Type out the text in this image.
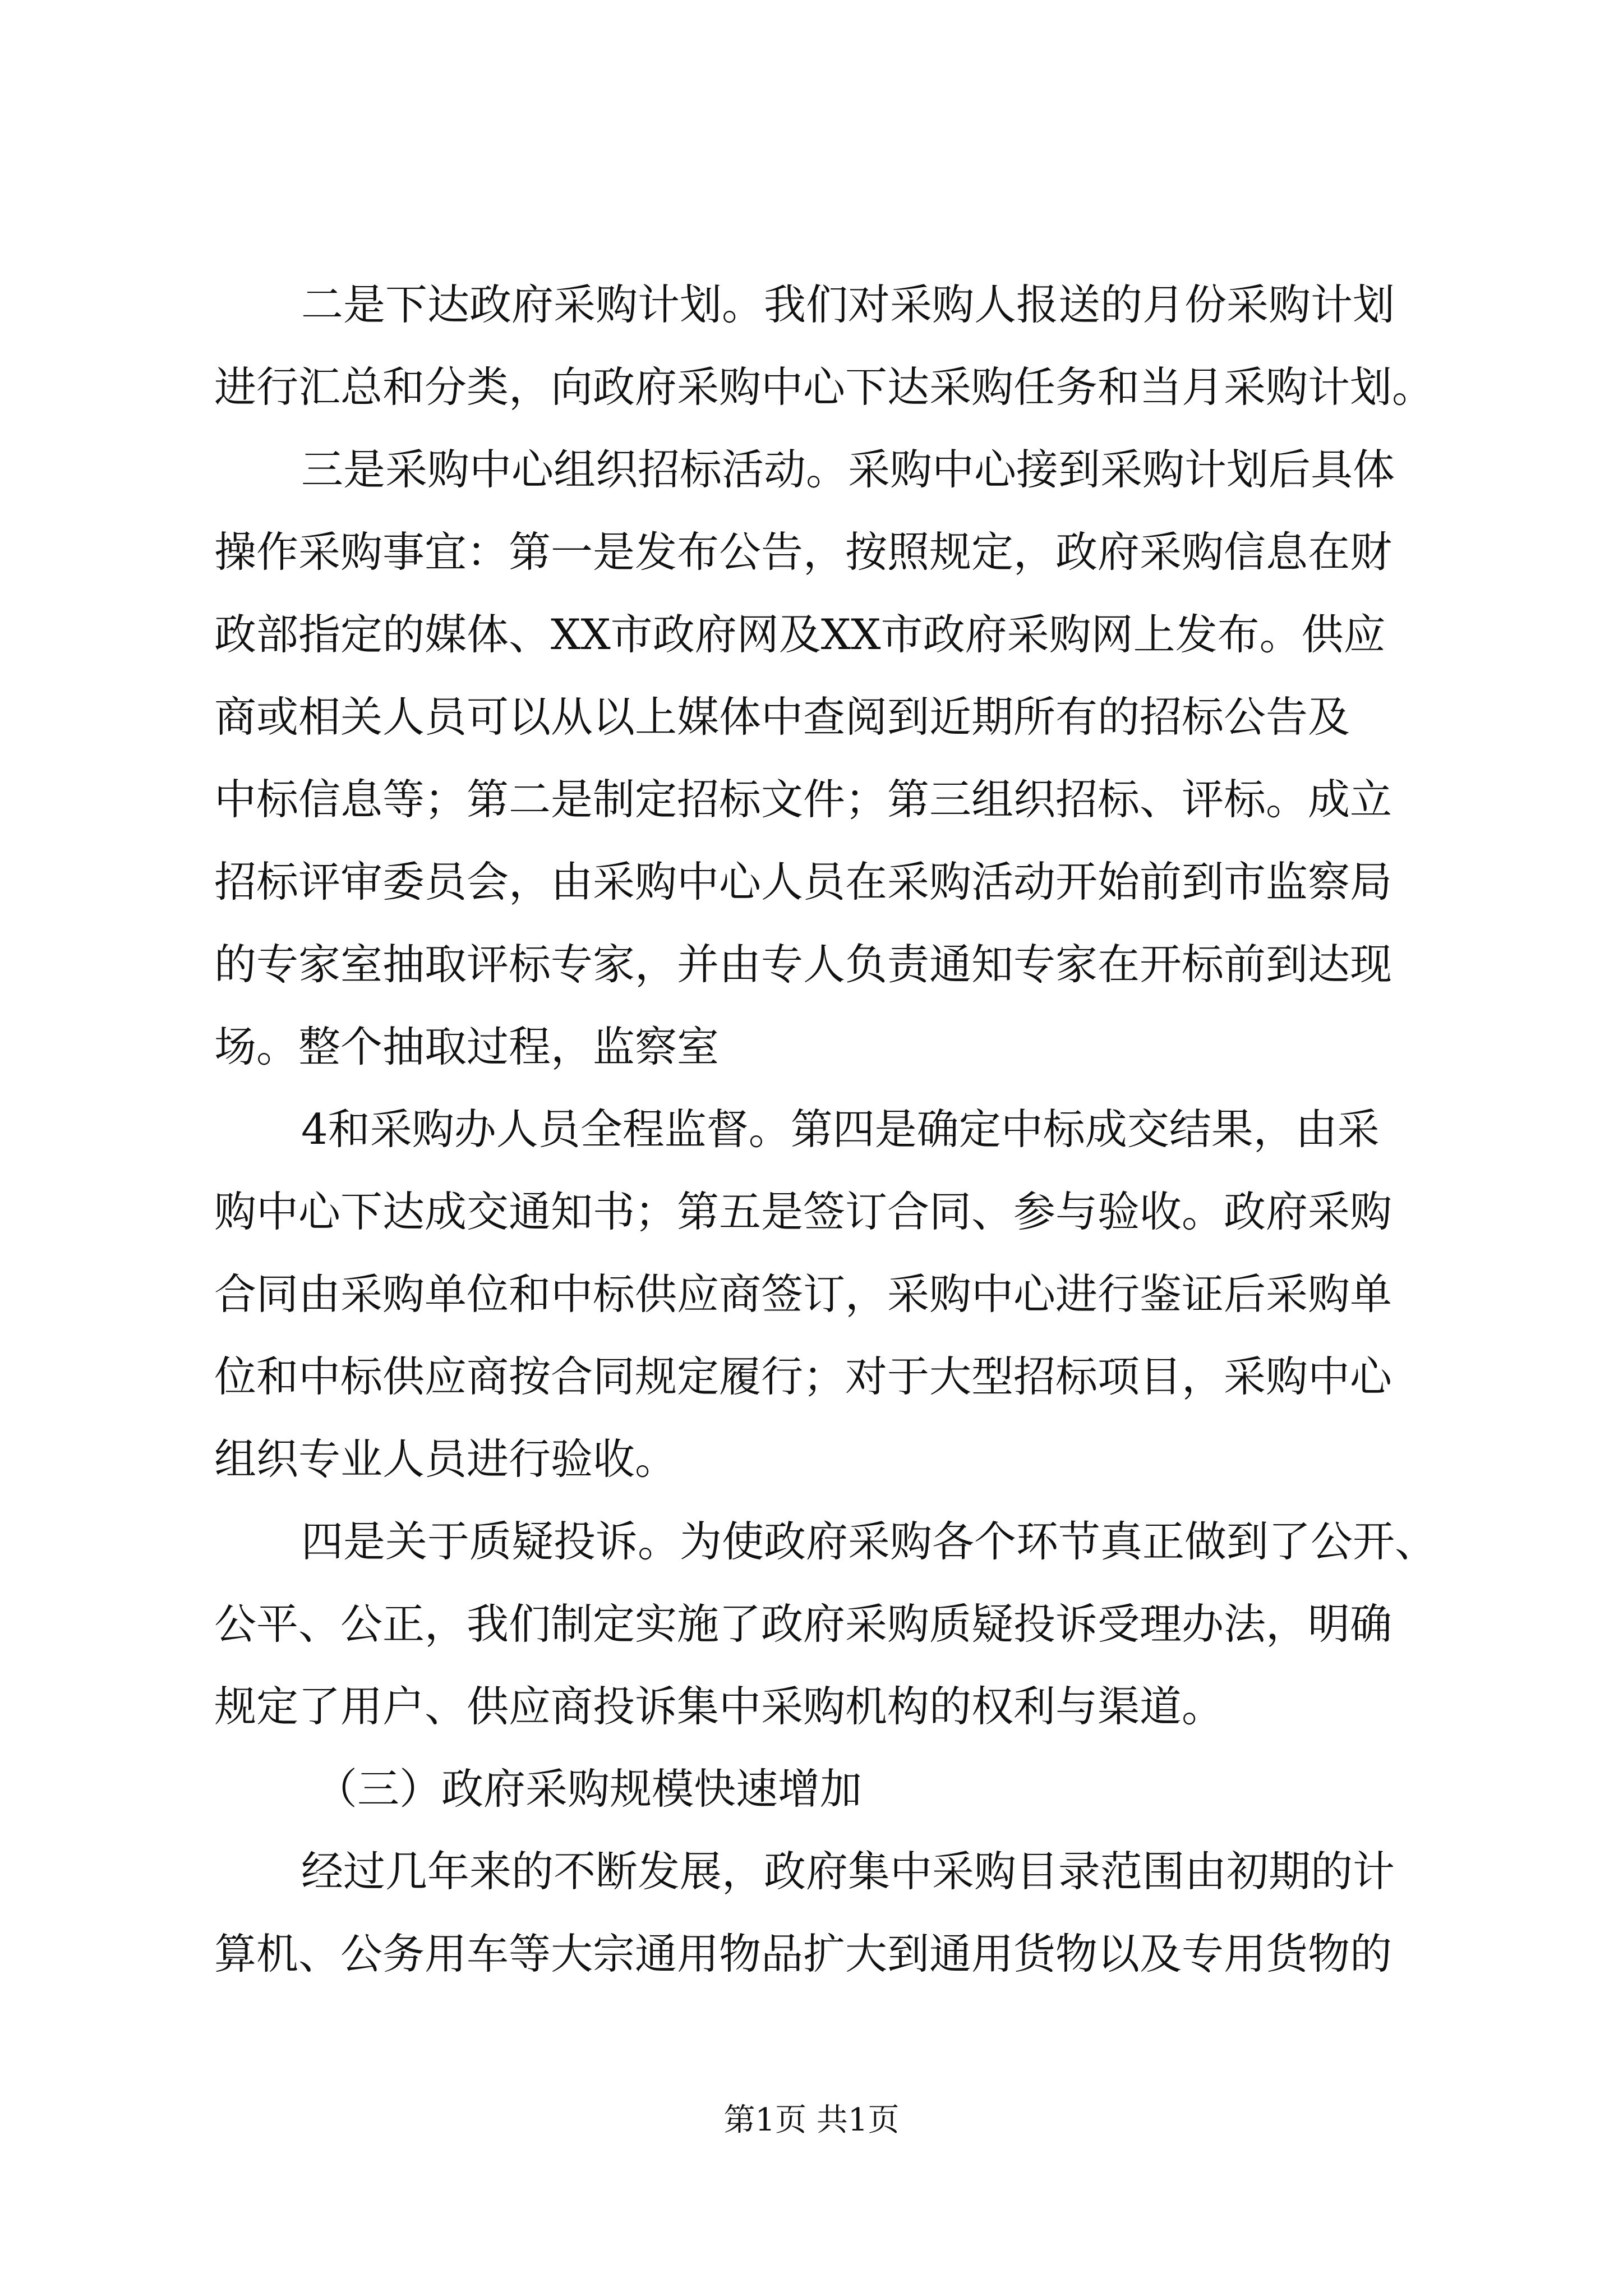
二是下达政府采购计划。我们对采购人报送的月份采购计划
进行汇总和分类，向政府采购中心下达采购任务和当月采购计划。
三是采购中心组织招标活动。采购中心接到采购计划后具体
操作采购事宜：第一是发布公告，按照规定，政府采购信息在财
政部指定的媒体、XX市政府网及XX市政府采购网上发布。供应
商或相关人员可以从以上媒体中查阅到近期所有的招标公告及
中标信息等；第二是制定招标文件；第三组织招标、评标。成立
招标评审委员会，由采购中心人员在采购活动开始前到市监察局
的专家室抽取评标专家，并由专人负责通知专家在开标前到达现
场。整个抽取过程，监察室
4和采购办人员全程监督。第四是确定中标成交结果，由采
购中心下达成交通知书；第五是签订合同、参与验收。政府采购
合同由采购单位和中标供应商签订，采购中心进行鉴证后采购单
位和中标供应商按合同规定履行；对于大型招标项目，采购中心
组织专业人员进行验收。
四是关于质疑投诉。为使政府采购各个环节真正做到了公开、
公平、公正，我们制定实施了政府采购质疑投诉受理办法，明确
规定了用户、供应商投诉集中采购机构的权利与渠道。
（三）政府采购规模快速增加
经过几年来的不断发展，政府集中采购目录范围由初期的计
算机、公务用车等大宗通用物品扩大到通用货物以及专用货物的
第1页 共1页
